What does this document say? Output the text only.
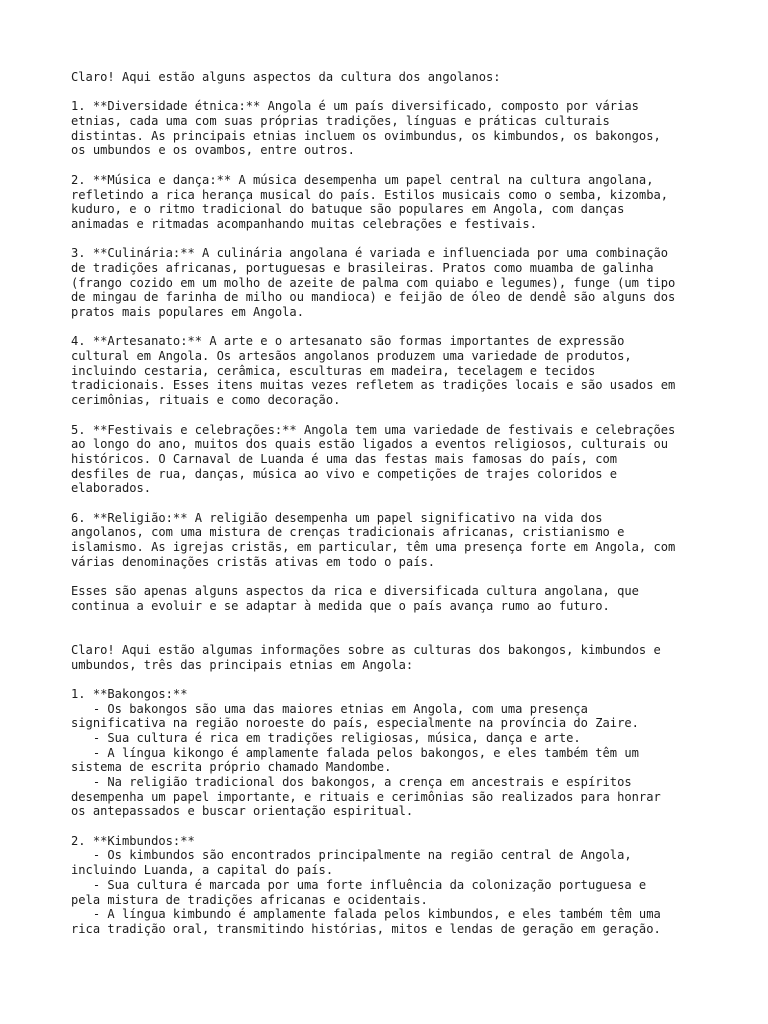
Claro! Aqui estão alguns aspectos da cultura dos angolanos:
1. **Diversidade étnica:** Angola é um país diversificado, composto por várias
etnias, cada uma com suas próprias tradições, línguas e práticas culturais
distintas. As principais etnias incluem os ovimbundus, os kimbundos, os bakongos,
os umbundos e os ovambos, entre outros.
2. **Música e dança:** A música desempenha um papel central na cultura angolana,
refletindo a rica herança musical do país. Estilos musicais como o semba, kizomba,
kuduro, e o ritmo tradicional do batuque são populares em Angola, com danças
animadas e ritmadas acompanhando muitas celebrações e festivais.
3. **Culinária:** A culinária angolana é variada e influenciada por uma combinação
de tradições africanas, portuguesas e brasileiras. Pratos como muamba de galinha
(frango cozido em um molho de azeite de palma com quiabo e legumes), funge (um tipo
de mingau de farinha de milho ou mandioca) e feijão de óleo de dendê são alguns dos
pratos mais populares em Angola.
4. **Artesanato:** A arte e o artesanato são formas importantes de expressão
cultural em Angola. Os artesãos angolanos produzem uma variedade de produtos,
incluindo cestaria, cerâmica, esculturas em madeira, tecelagem e tecidos
tradicionais. Esses itens muitas vezes refletem as tradições locais e são usados em
cerimônias, rituais e como decoração.
5. **Festivais e celebrações:** Angola tem uma variedade de festivais e celebrações
ao longo do ano, muitos dos quais estão ligados a eventos religiosos, culturais ou
históricos. O Carnaval de Luanda é uma das festas mais famosas do país, com
desfiles de rua, danças, música ao vivo e competições de trajes coloridos e
elaborados.
6. **Religião:** A religião desempenha um papel significativo na vida dos
angolanos, com uma mistura de crenças tradicionais africanas, cristianismo e
islamismo. As igrejas cristãs, em particular, têm uma presença forte em Angola, com
várias denominações cristãs ativas em todo o país.
Esses são apenas alguns aspectos da rica e diversificada cultura angolana, que
continua a evoluir e se adaptar à medida que o país avança rumo ao futuro.
Claro! Aqui estão algumas informações sobre as culturas dos bakongos, kimbundos e
umbundos, três das principais etnias em Angola:
1. **Bakongos:**
- Os bakongos são uma das maiores etnias em Angola, com uma presença
significativa na região noroeste do país, especialmente na província do Zaire.
- Sua cultura é rica em tradições religiosas, música, dança e arte.
- A língua kikongo é amplamente falada pelos bakongos, e eles também têm um
sistema de escrita próprio chamado Mandombe.
- Na religião tradicional dos bakongos, a crença em ancestrais e espíritos
desempenha um papel importante, e rituais e cerimônias são realizados para honrar
os antepassados e buscar orientação espiritual.
2. **Kimbundos:**
- Os kimbundos são encontrados principalmente na região central de Angola,
incluindo Luanda, a capital do país.
- Sua cultura é marcada por uma forte influência da colonização portuguesa e
pela mistura de tradições africanas e ocidentais.
- A língua kimbundo é amplamente falada pelos kimbundos, e eles também têm uma
rica tradição oral, transmitindo histórias, mitos e lendas de geração em geração.
